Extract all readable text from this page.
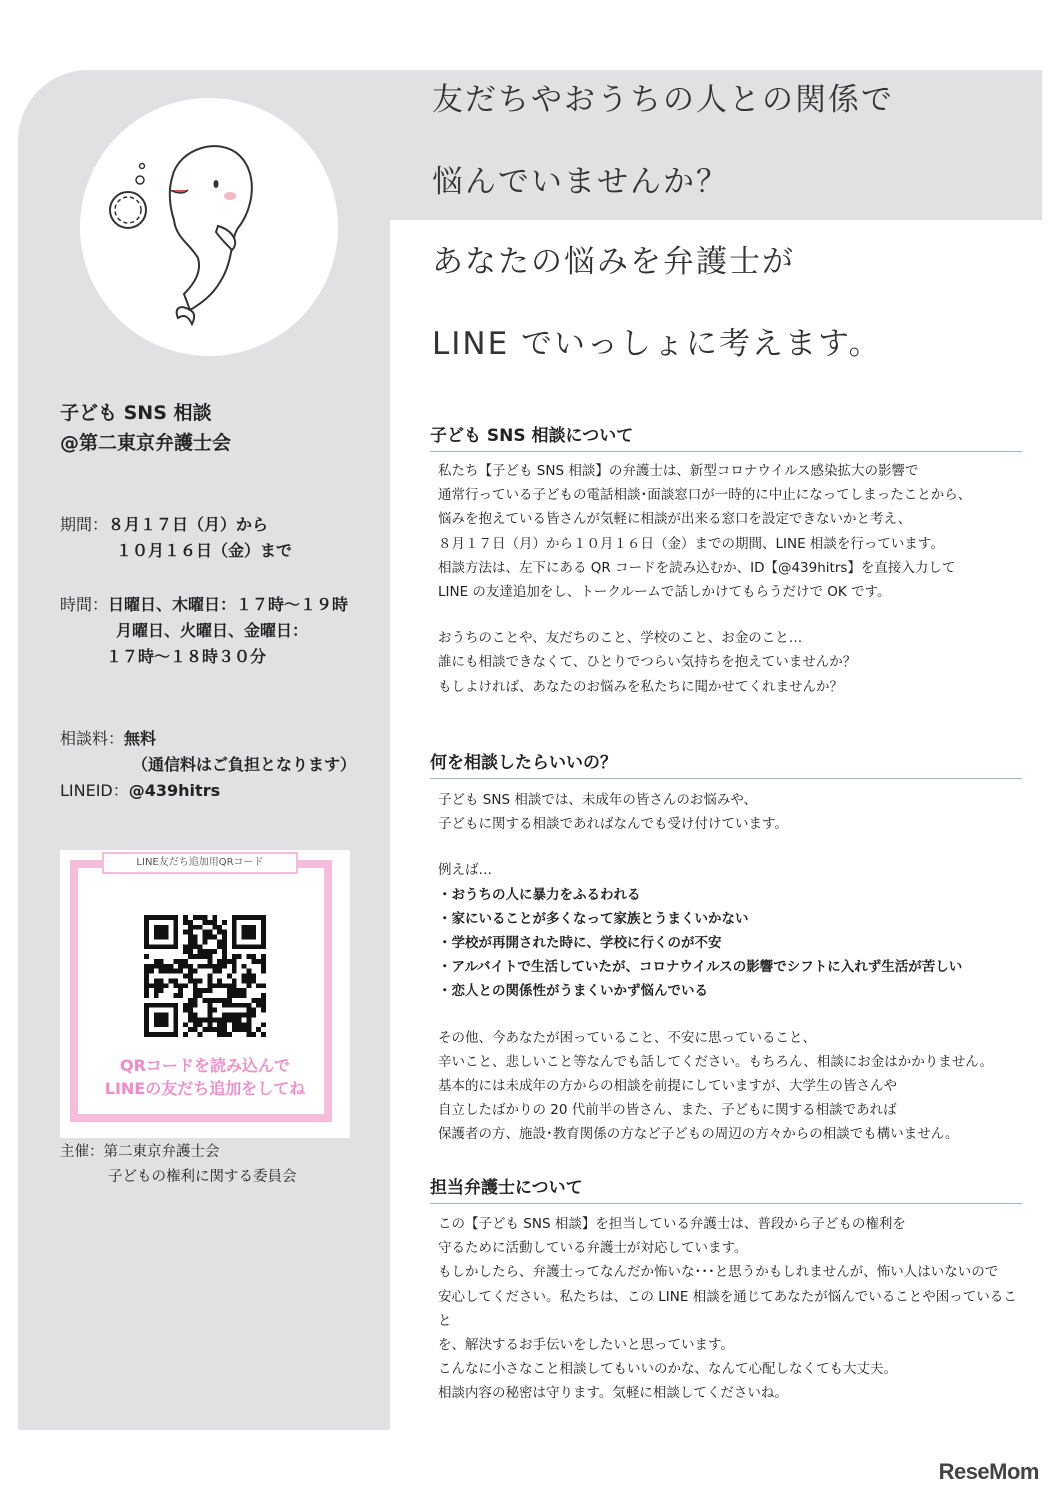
友だちやおうちの人との関係で
悩んでいませんか？
あなたの悩みを弁護士が
LINE でいっしょに考えます。
子ども SNS 相談
@第二東京弁護士会
期間：８月１７日（月）から
１０月１６日（金）まで
時間：日曜日、木曜日：１７時～１９時
月曜日、火曜日、金曜日：
１７時～１８時３０分
相談料：無料
（通信料はご負担となります）
LINEID：@439hitrs
LINE友だち追加用QRコード
QRコードを読み込んで
LINEの友だち追加をしてね
主催：第二東京弁護士会
子どもの権利に関する委員会
子ども SNS 相談について

私たち【子ども SNS 相談】の弁護士は、新型コロナウイルス感染拡大の影響で

通常行っている子どもの電話相談･面談窓口が一時的に中止になってしまったことから、

悩みを抱えている皆さんが気軽に相談が出来る窓口を設定できないかと考え、

８月１７日（月）から１０月１６日（金）までの期間、LINE 相談を行っています。

相談方法は、左下にある QR コードを読み込むか、ID【@439hitrs】を直接入力して

LINE の友達追加をし、トークルームで話しかけてもらうだけで OK です。

おうちのことや、友だちのこと、学校のこと、お金のこと…

誰にも相談できなくて、ひとりでつらい気持ちを抱えていませんか？

もしよければ、あなたのお悩みを私たちに聞かせてくれませんか？

何を相談したらいいの？

子ども SNS 相談では、未成年の皆さんのお悩みや、

子どもに関する相談であればなんでも受け付けています。

例えば…

・おうちの人に暴力をふるわれる

・家にいることが多くなって家族とうまくいかない

・学校が再開された時に、学校に行くのが不安

・アルバイトで生活していたが、コロナウイルスの影響でシフトに入れず生活が苦しい

・恋人との関係性がうまくいかず悩んでいる

その他、今あなたが困っていること、不安に思っていること、

辛いこと、悲しいこと等なんでも話してください。もちろん、相談にお金はかかりません。

基本的には未成年の方からの相談を前提にしていますが、大学生の皆さんや

自立したばかりの 20 代前半の皆さん、また、子どもに関する相談であれば

保護者の方、施設･教育関係の方など子どもの周辺の方々からの相談でも構いません。

担当弁護士について

この【子ども SNS 相談】を担当している弁護士は、普段から子どもの権利を

守るために活動している弁護士が対応しています。

もしかしたら、弁護士ってなんだか怖いな･･･と思うかもしれませんが、怖い人はいないので

安心してください。私たちは、この LINE 相談を通じてあなたが悩んでいることや困っていること

を、解決するお手伝いをしたいと思っています。

こんなに小さなこと相談してもいいのかな、なんて心配しなくても大丈夫。

相談内容の秘密は守ります。気軽に相談してくださいね。

ReseMom
